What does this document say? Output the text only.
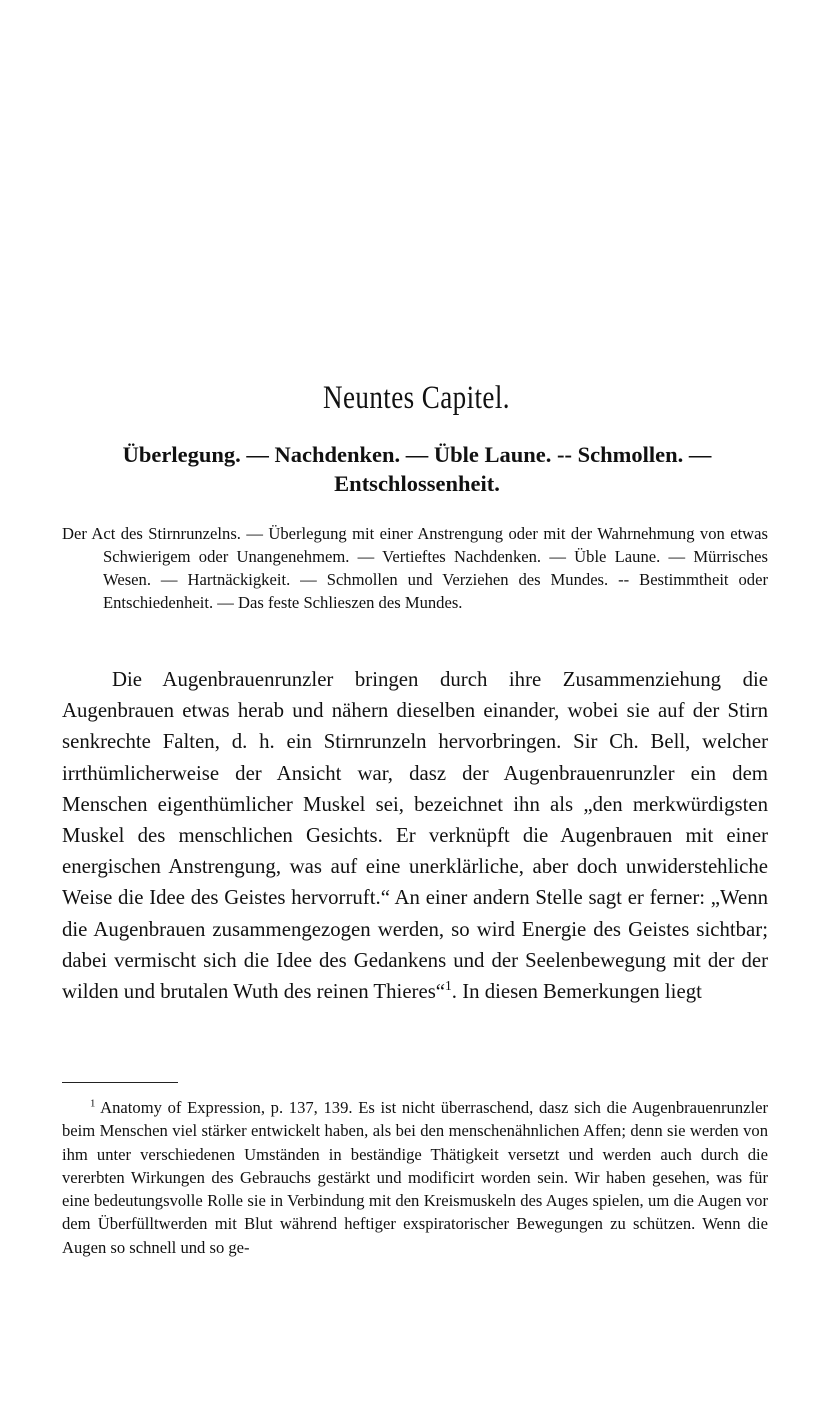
Neuntes Capitel.
Überlegung. — Nachdenken. — Üble Laune. -- Schmollen. —
Entschlossenheit.

Der Act des Stirnrunzelns. — Überlegung mit einer Anstrengung oder mit der Wahrnehmung von etwas Schwierigem oder Unangenehmem. — Vertieftes Nachdenken. — Üble Laune. — Mürrisches Wesen. — Hartnäckigkeit. — Schmollen und Verziehen des Mundes. -- Bestimmtheit oder Entschiedenheit. — Das feste Schlieszen des Mundes.

Die Augenbrauenrunzler bringen durch ihre Zusammenziehung die Augenbrauen etwas herab und nähern dieselben einander, wobei sie auf der Stirn senkrechte Falten, d. h. ein Stirnrunzeln hervorbringen. Sir Ch. Bell, welcher irrthümlicherweise der Ansicht war, dasz der Augenbrauenrunzler ein dem Menschen eigenthümlicher Muskel sei, bezeichnet ihn als „den merkwürdigsten Muskel des menschlichen Gesichts. Er verknüpft die Augenbrauen mit einer energischen Anstrengung, was auf eine unerklärliche, aber doch unwiderstehliche Weise die Idee des Geistes hervorruft.“ An einer andern Stelle sagt er ferner: „Wenn die Augenbrauen zusammengezogen werden, so wird Energie des Geistes sichtbar; dabei vermischt sich die Idee des Gedankens und der Seelenbewegung mit der der wilden und brutalen Wuth des reinen Thieres“$^1$. In diesen Bemerkungen liegt

$^1$ Anatomy of Expression, p. 137, 139. Es ist nicht überraschend, dasz sich die Augenbrauenrunzler beim Menschen viel stärker entwickelt haben, als bei den menschenähnlichen Affen; denn sie werden von ihm unter verschiedenen Umständen in beständige Thätigkeit versetzt und werden auch durch die vererbten Wirkungen des Gebrauchs gestärkt und modificirt worden sein. Wir haben gesehen, was für eine bedeutungsvolle Rolle sie in Verbindung mit den Kreismuskeln des Auges spielen, um die Augen vor dem Überfülltwerden mit Blut während heftiger exspiratorischer Bewegungen zu schützen. Wenn die Augen so schnell und so ge-
